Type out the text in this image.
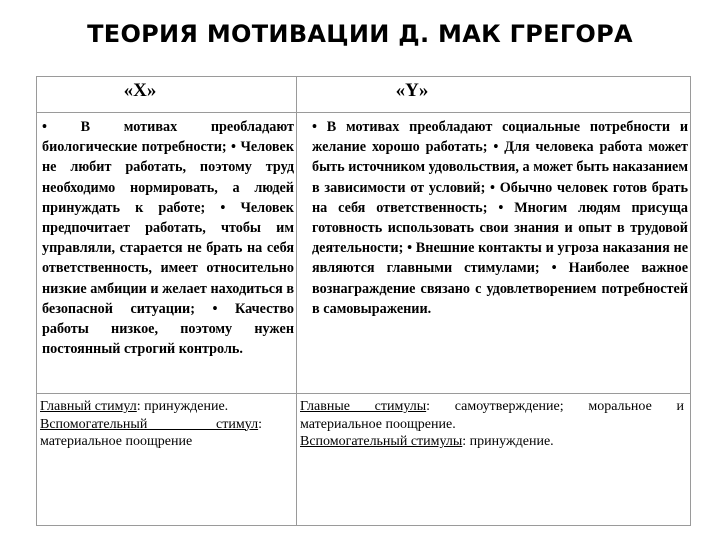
ТЕОРИЯ МОТИВАЦИИ Д. МАК ГРЕГОРА
«X»	«Y»
• В мотивах преобладают биологические потребности; • Человек не любит работать, поэтому труд необходимо нормировать, а людей принуждать к работе; • Человек предпочитает работать, чтобы им управляли, старается не брать на себя ответственность, имеет относительно низкие амбиции и желает находиться в безопасной ситуации; • Качество работы низкое, поэтому нужен постоянный строгий контроль.
• В мотивах преобладают социальные потребности и желание хорошо работать; • Для человека работа может быть источником удовольствия, а может быть наказанием в зависимости от условий; • Обычно человек готов брать на себя ответственность; • Многим людям присуща готовность использовать свои знания и опыт в трудовой деятельности; • Внешние контакты и угроза наказания не являются главными стимулами; • Наиболее важное вознаграждение связано с удовлетворением потребностей в самовыражении.
Главный стимул: принуждение.
Вспомогательный стимул: материальное поощрение
Главные стимулы: самоутверждение; моральное и материальное поощрение.
Вспомогательный стимулы: принуждение.
